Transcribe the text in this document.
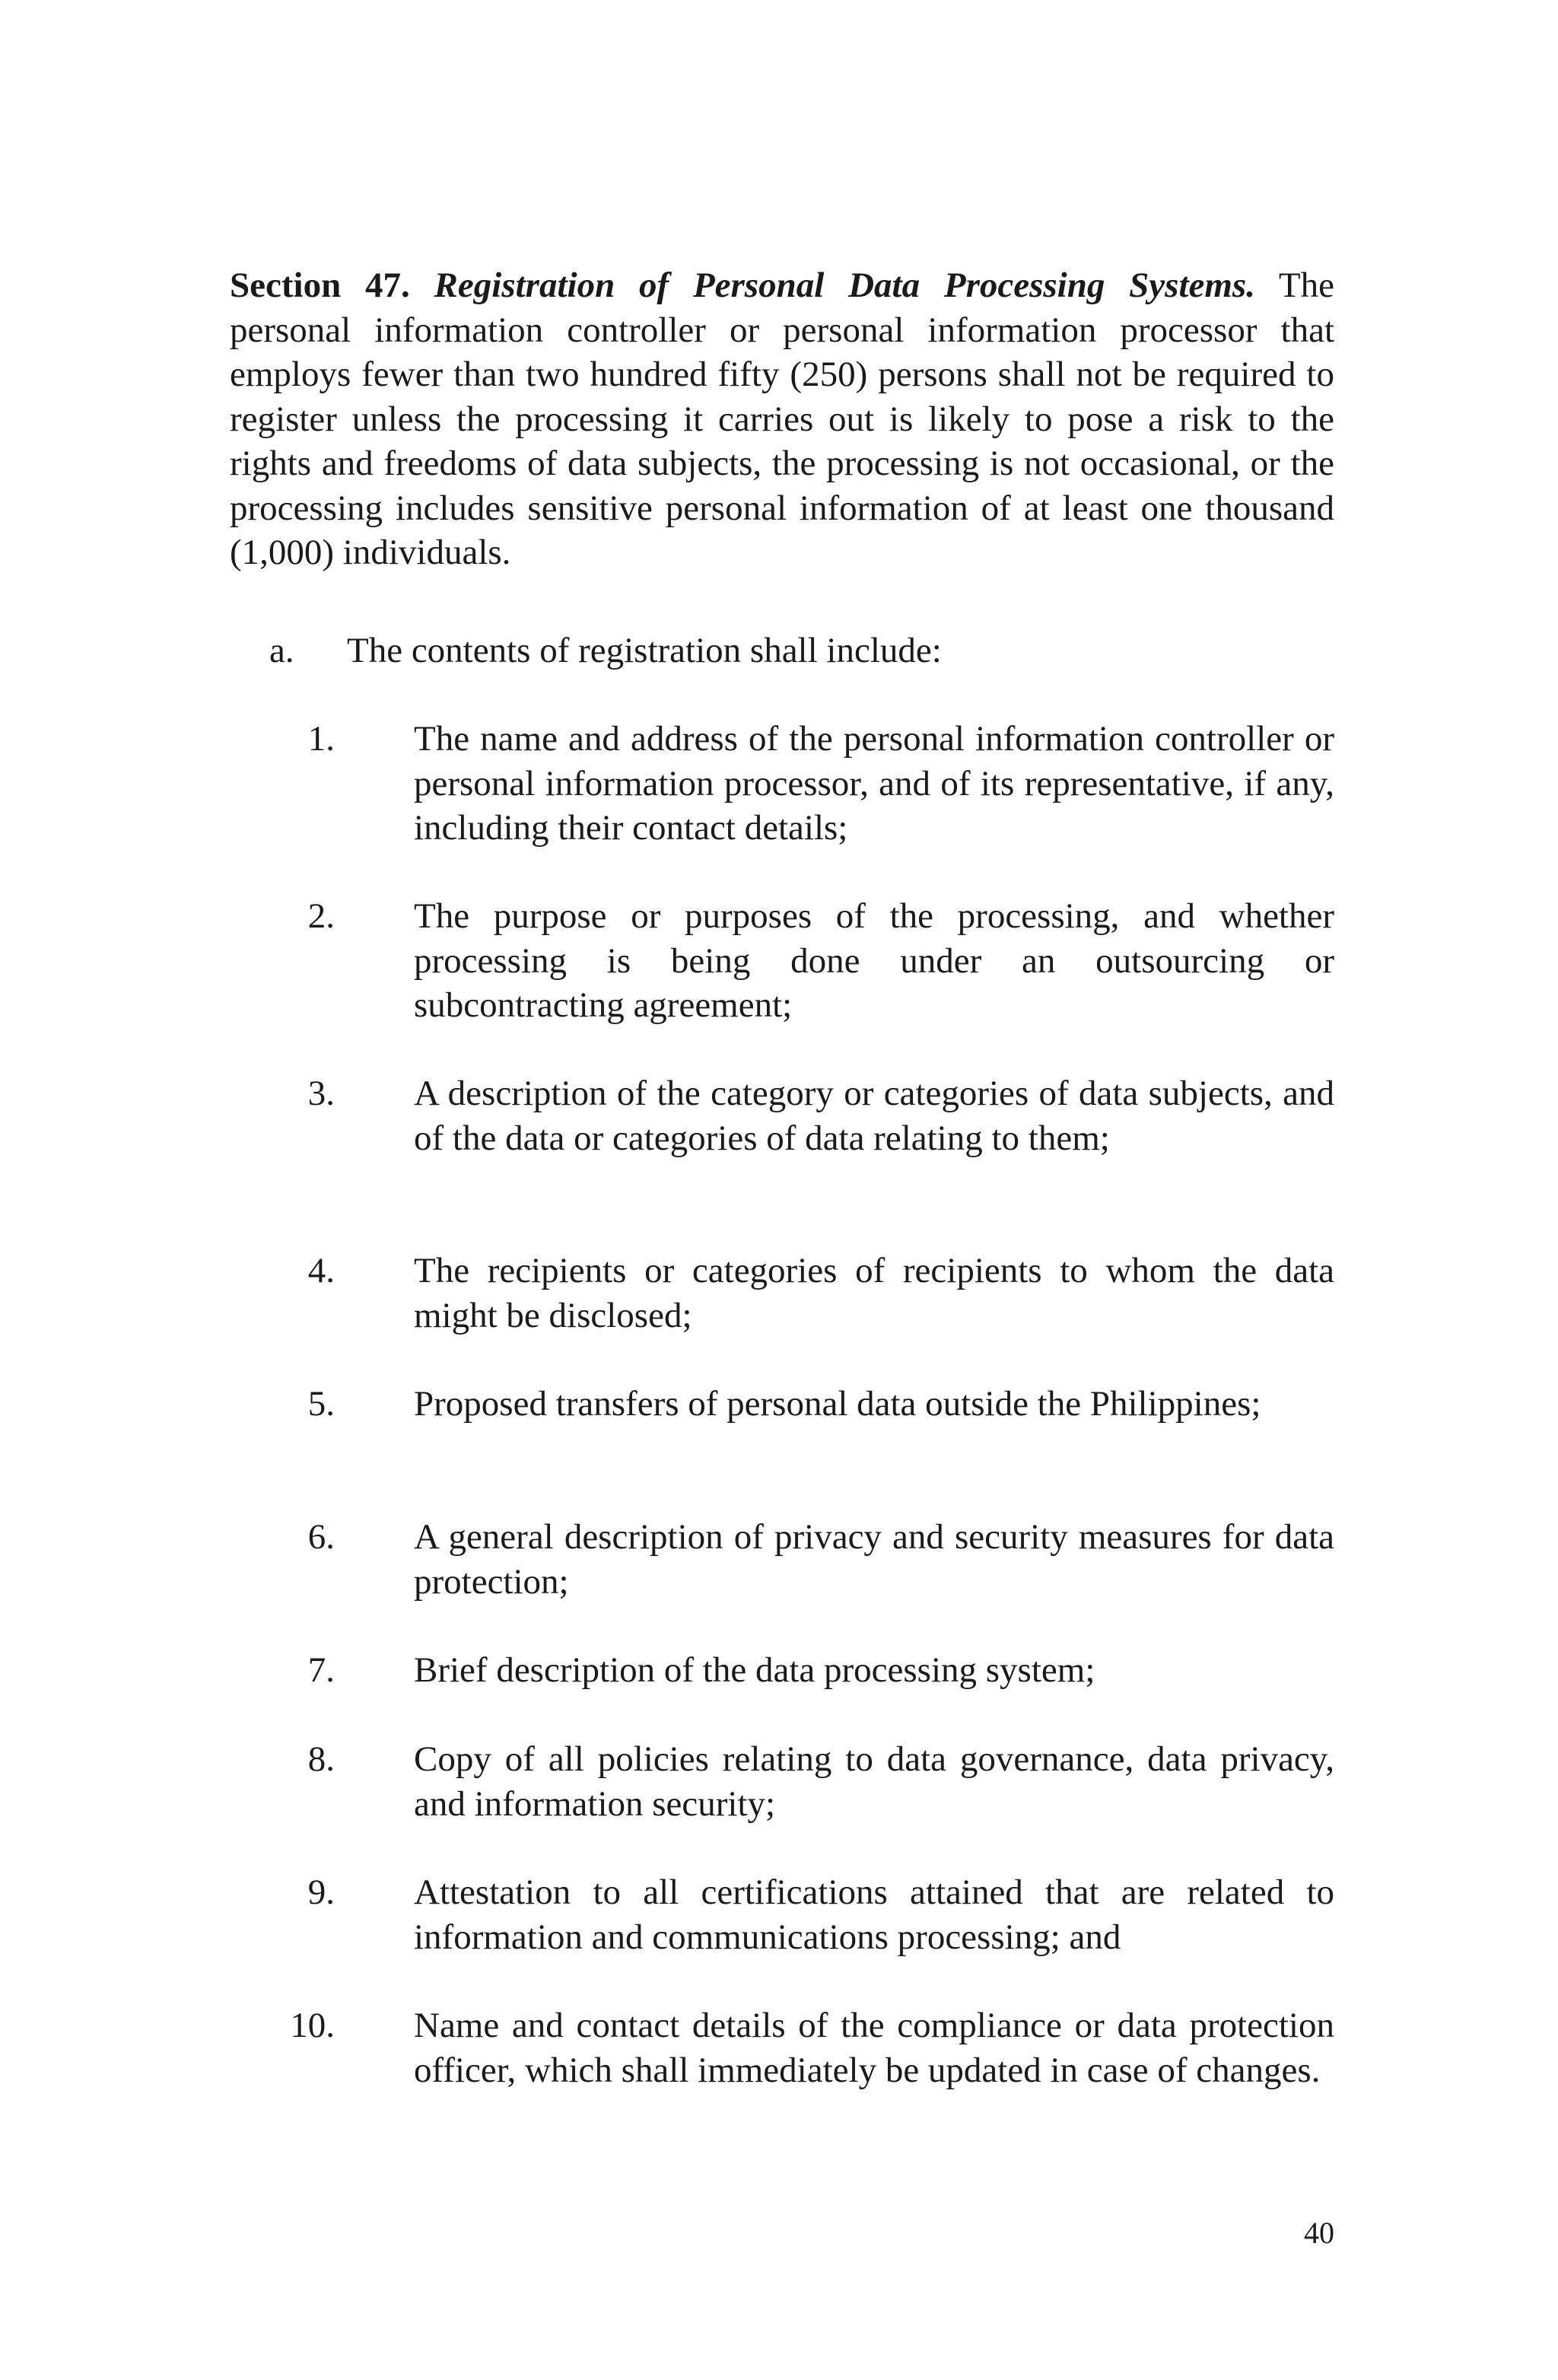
Section 47. Registration of Personal Data Processing Systems. The personal information controller or personal information processor that employs fewer than two hundred fifty (250) persons shall not be required to register unless the processing it carries out is likely to pose a risk to the rights and freedoms of data subjects, the processing is not occasional, or the processing includes sensitive personal information of at least one thousand (1,000) individuals.

a. The contents of registration shall include:
1. The name and address of the personal information controller or personal information processor, and of its representative, if any, including their contact details;
2. The purpose or purposes of the processing, and whether processing is being done under an outsourcing or subcontracting agreement;
3. A description of the category or categories of data subjects, and of the data or categories of data relating to them;
4. The recipients or categories of recipients to whom the data might be disclosed;
5. Proposed transfers of personal data outside the Philippines;
6. A general description of privacy and security measures for data protection;
7. Brief description of the data processing system;
8. Copy of all policies relating to data governance, data privacy, and information security;
9. Attestation to all certifications attained that are related to information and communications processing; and
10. Name and contact details of the compliance or data protection officer, which shall immediately be updated in case of changes.
40
